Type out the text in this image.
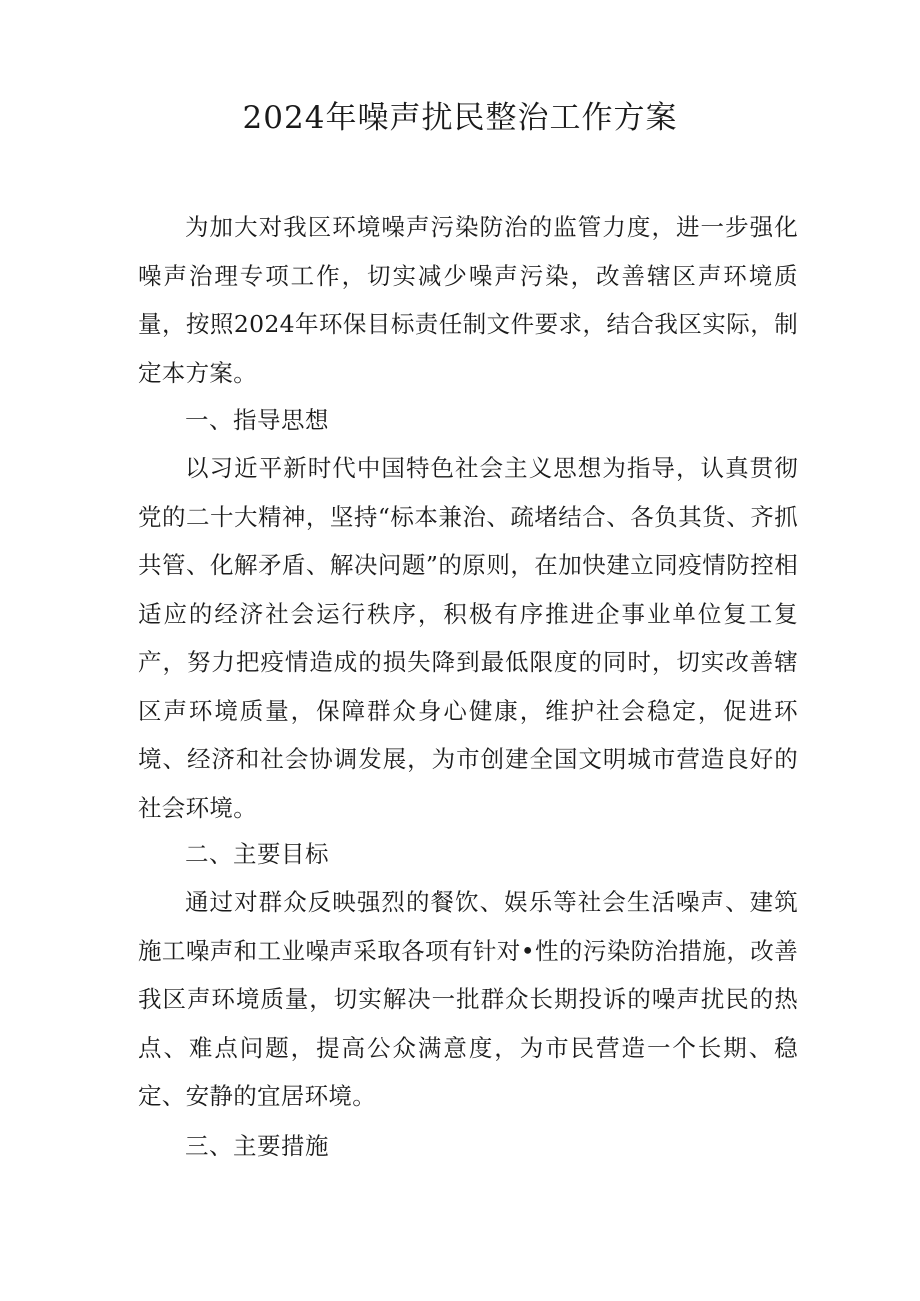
2024年噪声扰民整治工作方案

为加大对我区环境噪声污染防治的监管力度，进一步强化噪声治理专项工作，切实减少噪声污染，改善辖区声环境质量，按照2024年环保目标责任制文件要求，结合我区实际，制定本方案。

一、指导思想

以习近平新时代中国特色社会主义思想为指导，认真贯彻党的二十大精神，坚持“标本兼治、疏堵结合、各负其货、齐抓共管、化解矛盾、解决问题”的原则，在加快建立同疫情防控相适应的经济社会运行秩序，积极有序推进企事业单位复工复产，努力把疫情造成的损失降到最低限度的同时，切实改善辖区声环境质量，保障群众身心健康，维护社会稳定，促进环境、经济和社会协调发展，为市创建全国文明城市营造良好的社会环境。

二、主要目标

通过对群众反映强烈的餐饮、娱乐等社会生活噪声、建筑施工噪声和工业噪声采取各项有针对•性的污染防治措施，改善我区声环境质量，切实解决一批群众长期投诉的噪声扰民的热点、难点问题，提高公众满意度，为市民营造一个长期、稳定、安静的宜居环境。

三、主要措施
